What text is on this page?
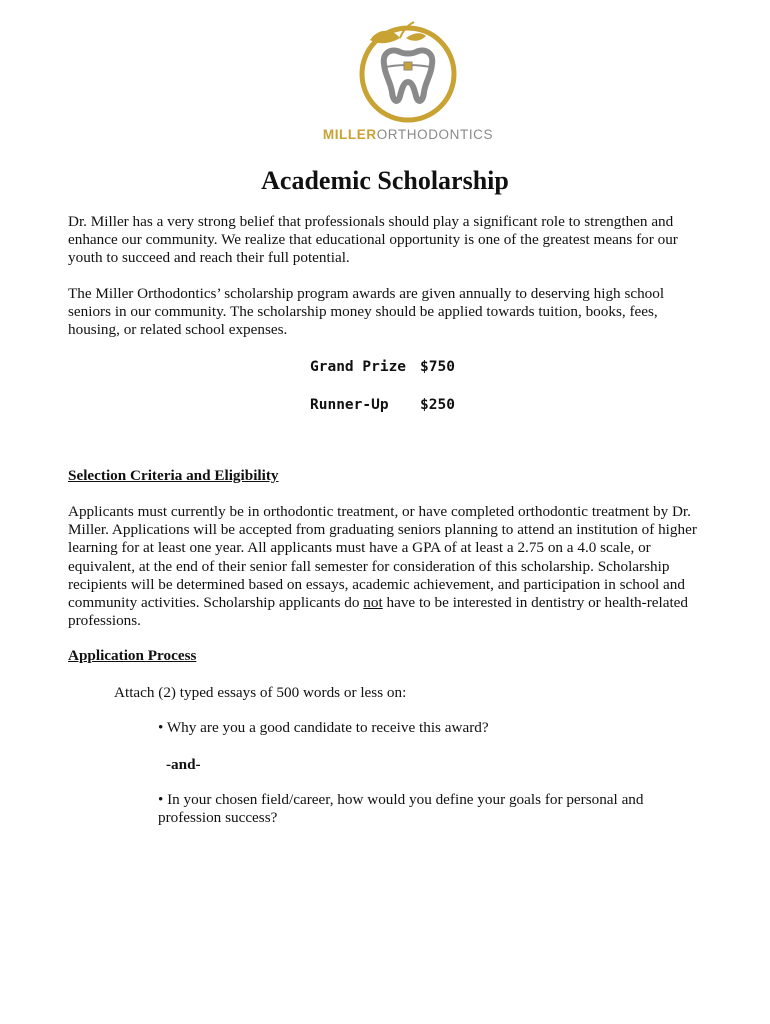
MILLERORTHODONTICS
Academic Scholarship
Dr. Miller has a very strong belief that professionals should play a significant role to strengthen and enhance our community. We realize that educational opportunity is one of the greatest means for our youth to succeed and reach their full potential.
The Miller Orthodontics’ scholarship program awards are given annually to deserving high school seniors in our community. The scholarship money should be applied towards tuition, books, fees, housing, or related school expenses.
Grand Prize $750
Runner-Up $250
Selection Criteria and Eligibility
Applicants must currently be in orthodontic treatment, or have completed orthodontic treatment by Dr. Miller. Applications will be accepted from graduating seniors planning to attend an institution of higher learning for at least one year. All applicants must have a GPA of at least a 2.75 on a 4.0 scale, or equivalent, at the end of their senior fall semester for consideration of this scholarship. Scholarship recipients will be determined based on essays, academic achievement, and participation in school and community activities. Scholarship applicants do not have to be interested in dentistry or health-related professions.
Application Process
Attach (2) typed essays of 500 words or less on:
• Why are you a good candidate to receive this award?
-and-
• In your chosen field/career, how would you define your goals for personal and profession success?
